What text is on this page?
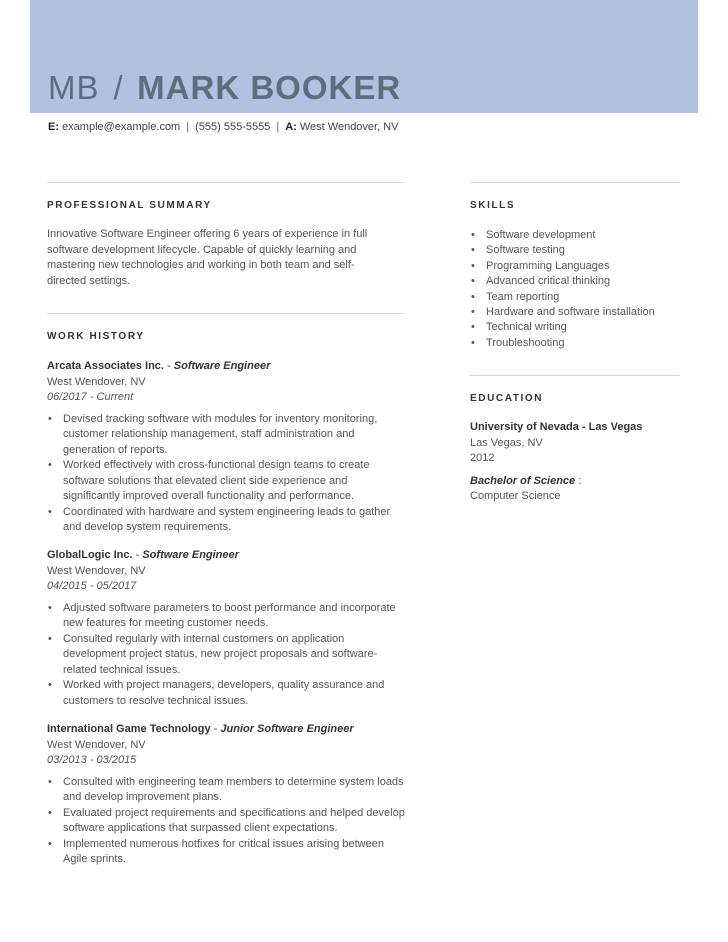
MB / MARK BOOKER
E: example@example.com | (555) 555-5555 | A: West Wendover, NV
PROFESSIONAL SUMMARY
Innovative Software Engineer offering 6 years of experience in full software development lifecycle. Capable of quickly learning and mastering new technologies and working in both team and self-directed settings.
WORK HISTORY
Arcata Associates Inc. - Software Engineer
West Wendover, NV
06/2017 - Current
• Devised tracking software with modules for inventory monitoring, customer relationship management, staff administration and generation of reports.
• Worked effectively with cross-functional design teams to create software solutions that elevated client side experience and significantly improved overall functionality and performance.
• Coordinated with hardware and system engineering leads to gather and develop system requirements.
GlobalLogic Inc. - Software Engineer
West Wendover, NV
04/2015 - 05/2017
• Adjusted software parameters to boost performance and incorporate new features for meeting customer needs.
• Consulted regularly with internal customers on application development project status, new project proposals and software-related technical issues.
• Worked with project managers, developers, quality assurance and customers to resolve technical issues.
International Game Technology - Junior Software Engineer
West Wendover, NV
03/2013 - 03/2015
• Consulted with engineering team members to determine system loads and develop improvement plans.
• Evaluated project requirements and specifications and helped develop software applications that surpassed client expectations.
• Implemented numerous hotfixes for critical issues arising between Agile sprints.
SKILLS
• Software development
• Software testing
• Programming Languages
• Advanced critical thinking
• Team reporting
• Hardware and software installation
• Technical writing
• Troubleshooting
EDUCATION
University of Nevada - Las Vegas
Las Vegas, NV
2012
Bachelor of Science :
Computer Science
